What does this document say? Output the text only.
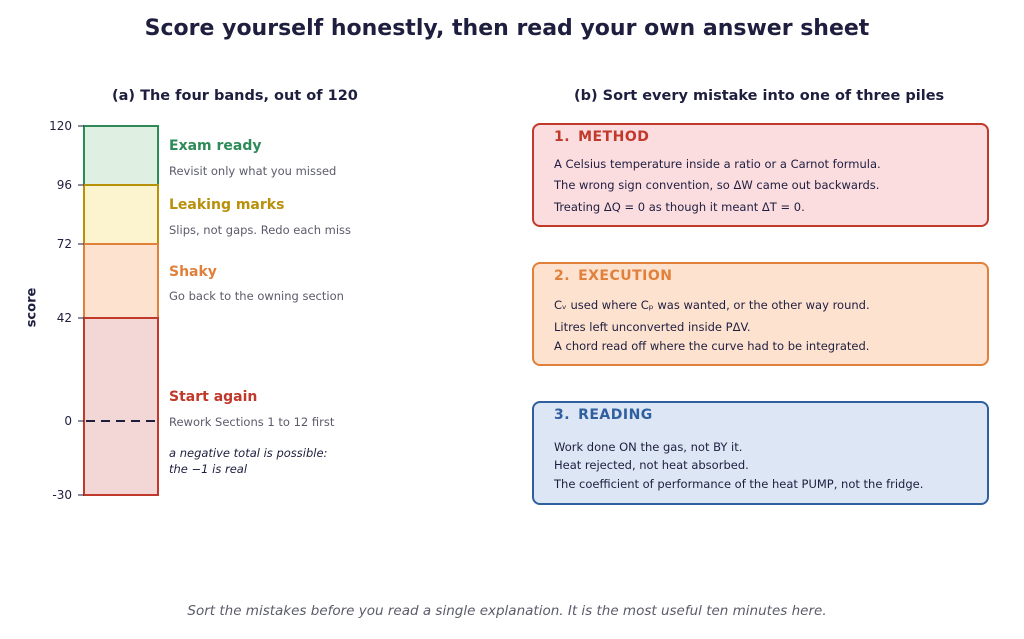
Score yourself honestly, then read your own answer sheet
(a) The four bands, out of 120	(b) Sort every mistake into one of three piles
score
120
96
72
42
0
-30
Exam ready
Revisit only what you missed
Leaking marks
Slips, not gaps. Redo each miss
Shaky
Go back to the owning section
Start again
Rework Sections 1 to 12 first
a negative total is possible:
the −1 is real
1. METHOD
A Celsius temperature inside a ratio or a Carnot formula.
The wrong sign convention, so ΔW came out backwards.
Treating ΔQ = 0 as though it meant ΔT = 0.
2. EXECUTION
Cᵥ used where Cₚ was wanted, or the other way round.
Litres left unconverted inside PΔV.
A chord read off where the curve had to be integrated.
3. READING
Work done ON the gas, not BY it.
Heat rejected, not heat absorbed.
The coefficient of performance of the heat PUMP, not the fridge.
Sort the mistakes before you read a single explanation. It is the most useful ten minutes here.
